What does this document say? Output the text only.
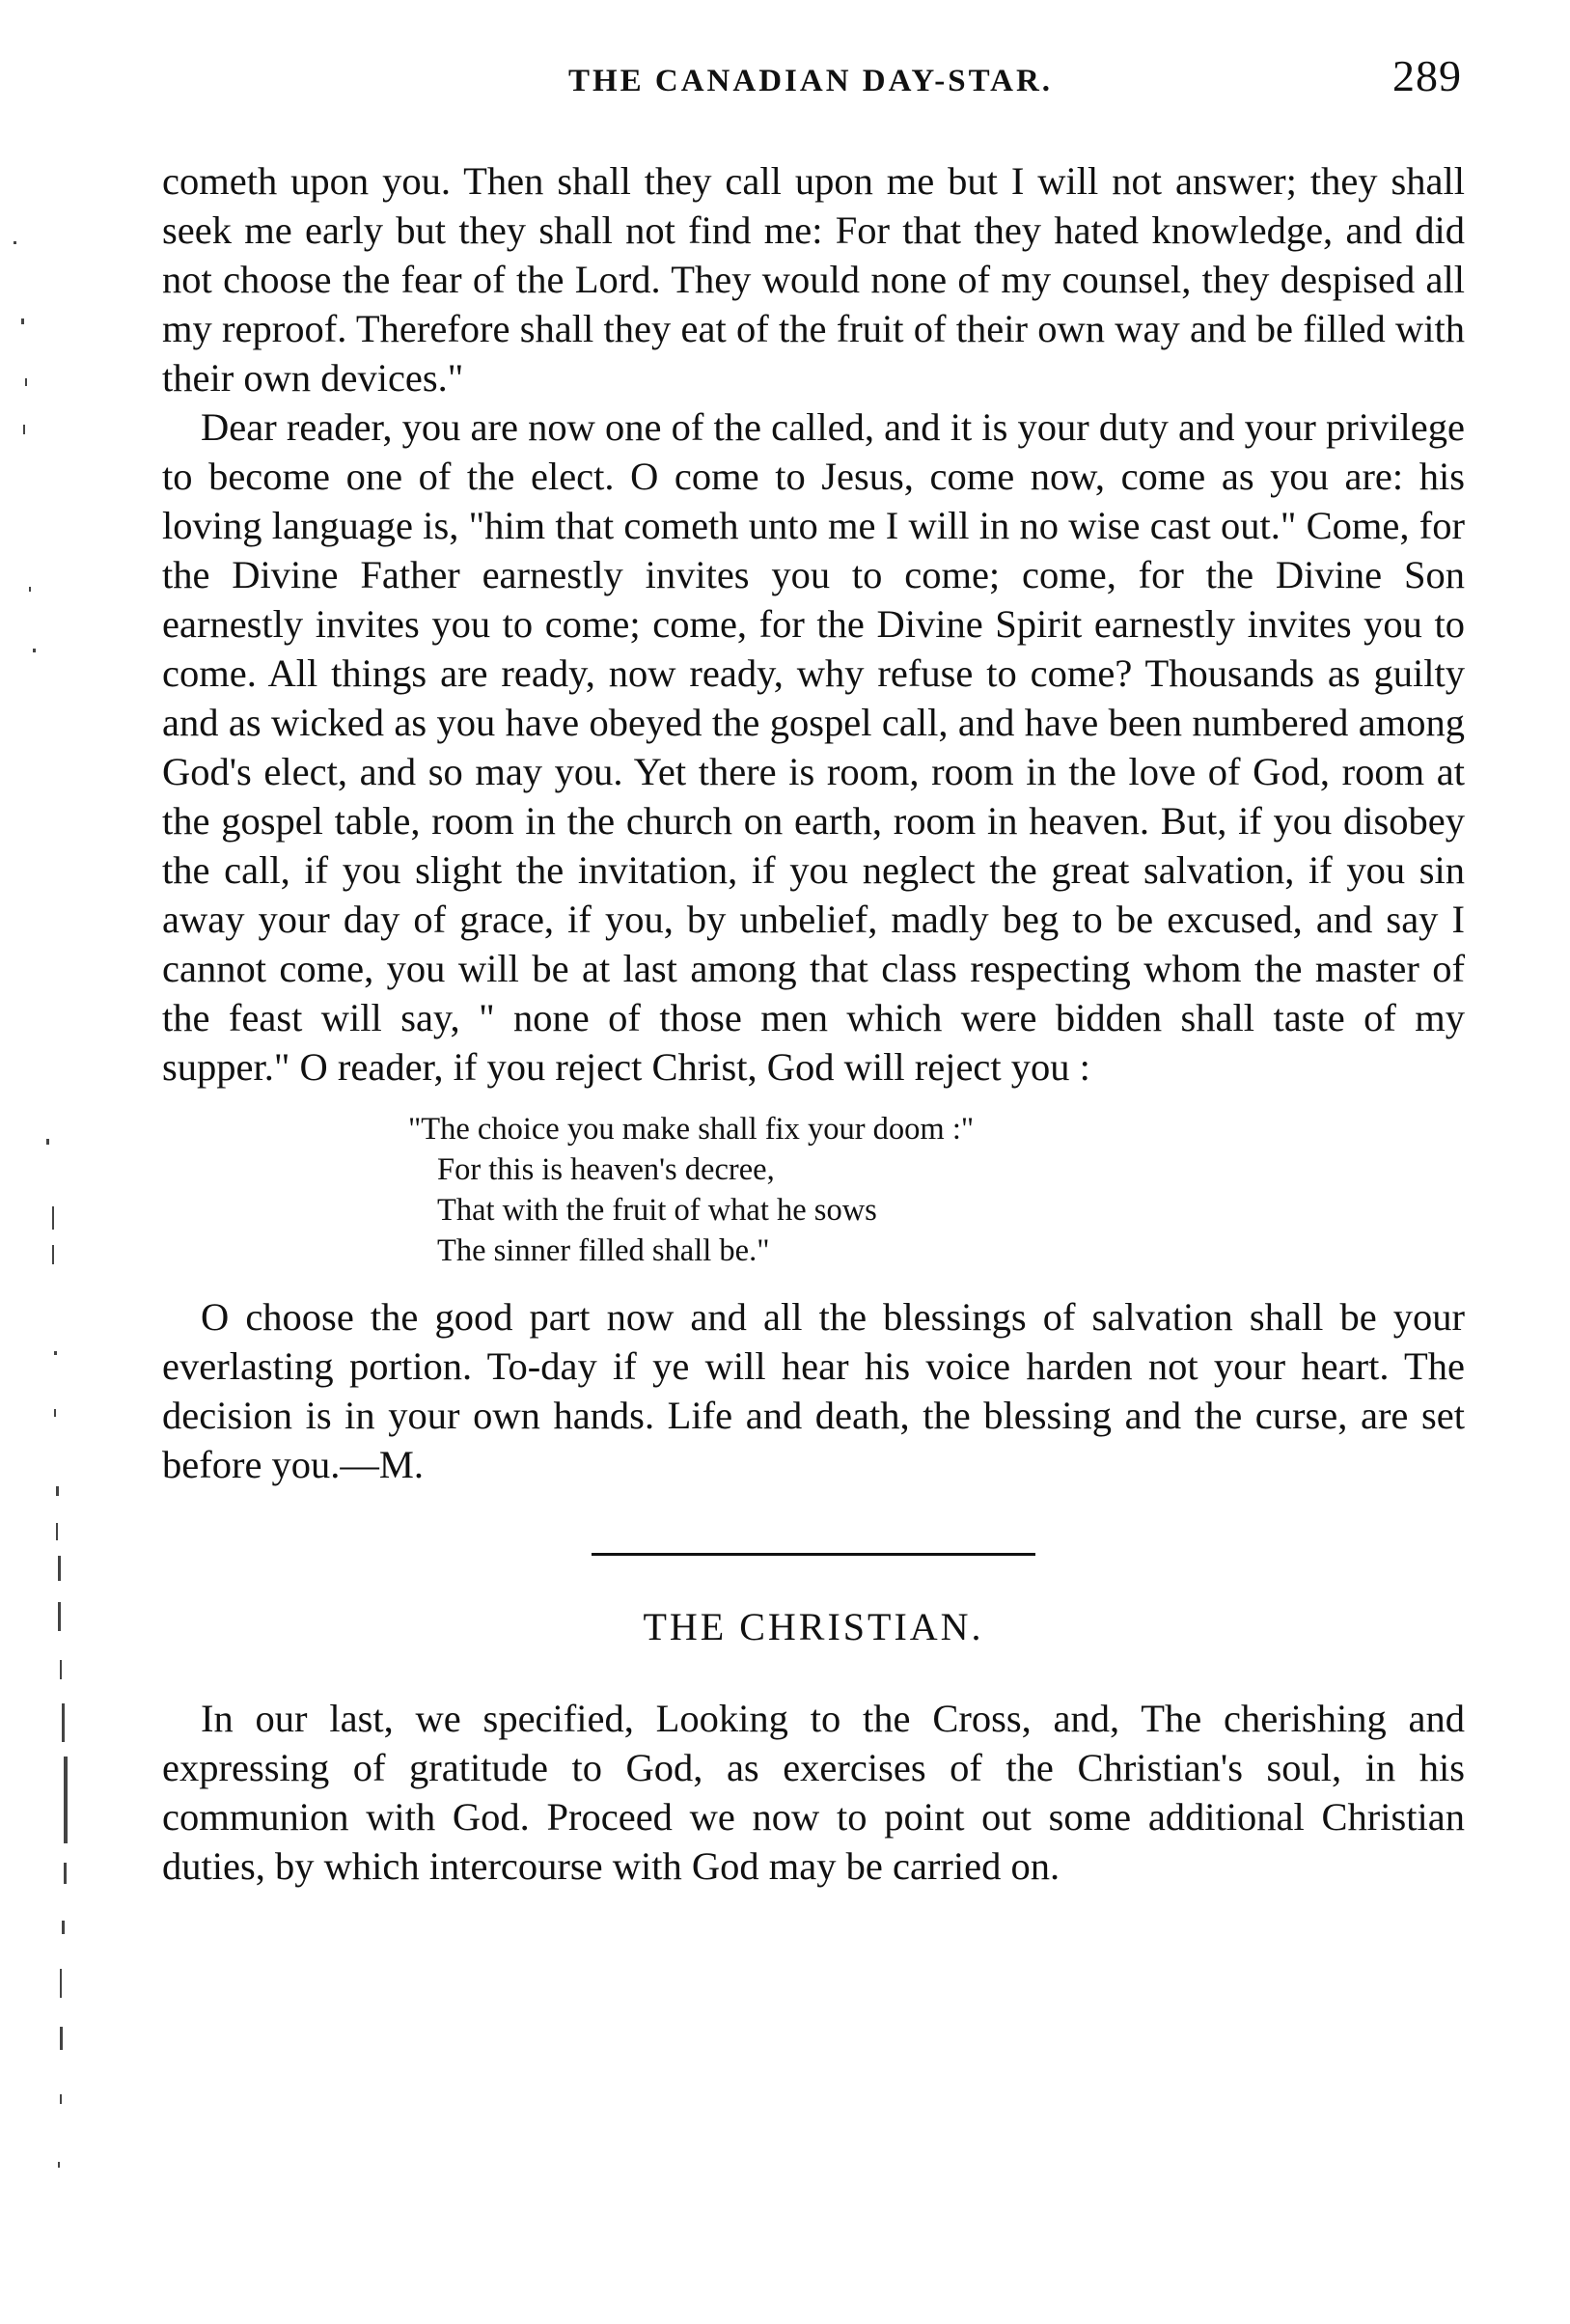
THE CANADIAN DAY-STAR.	289

cometh upon you. Then shall they call upon me but I will not answer; they shall seek me early but they shall not find me: For that they hated knowledge, and did not choose the fear of the Lord. They would none of my counsel, they despised all my reproof. Therefore shall they eat of the fruit of their own way and be filled with their own devices."

Dear reader, you are now one of the called, and it is your duty and your privilege to become one of the elect. O come to Jesus, come now, come as you are: his loving language is, "him that cometh unto me I will in no wise cast out." Come, for the Divine Father earnestly invites you to come; come, for the Divine Son earnestly invites you to come; come, for the Divine Spirit earnestly invites you to come. All things are ready, now ready, why refuse to come? Thousands as guilty and as wicked as you have obeyed the gospel call, and have been numbered among God's elect, and so may you. Yet there is room, room in the love of God, room at the gospel table, room in the church on earth, room in heaven. But, if you disobey the call, if you slight the invitation, if you neglect the great salvation, if you sin away your day of grace, if you, by unbelief, madly beg to be excused, and say I cannot come, you will be at last among that class respecting whom the master of the feast will say, " none of those men which were bidden shall taste of my supper." O reader, if you reject Christ, God will reject you :

"The choice you make shall fix your doom :"
For this is heaven's decree,
That with the fruit of what he sows
The sinner filled shall be."

O choose the good part now and all the blessings of salvation shall be your everlasting portion. To-day if ye will hear his voice harden not your heart. The decision is in your own hands. Life and death, the blessing and the curse, are set before you.—M.

THE CHRISTIAN.

In our last, we specified, Looking to the Cross, and, The cherishing and expressing of gratitude to God, as exercises of the Christian's soul, in his communion with God. Proceed we now to point out some additional Christian duties, by which intercourse with God may be carried on.
